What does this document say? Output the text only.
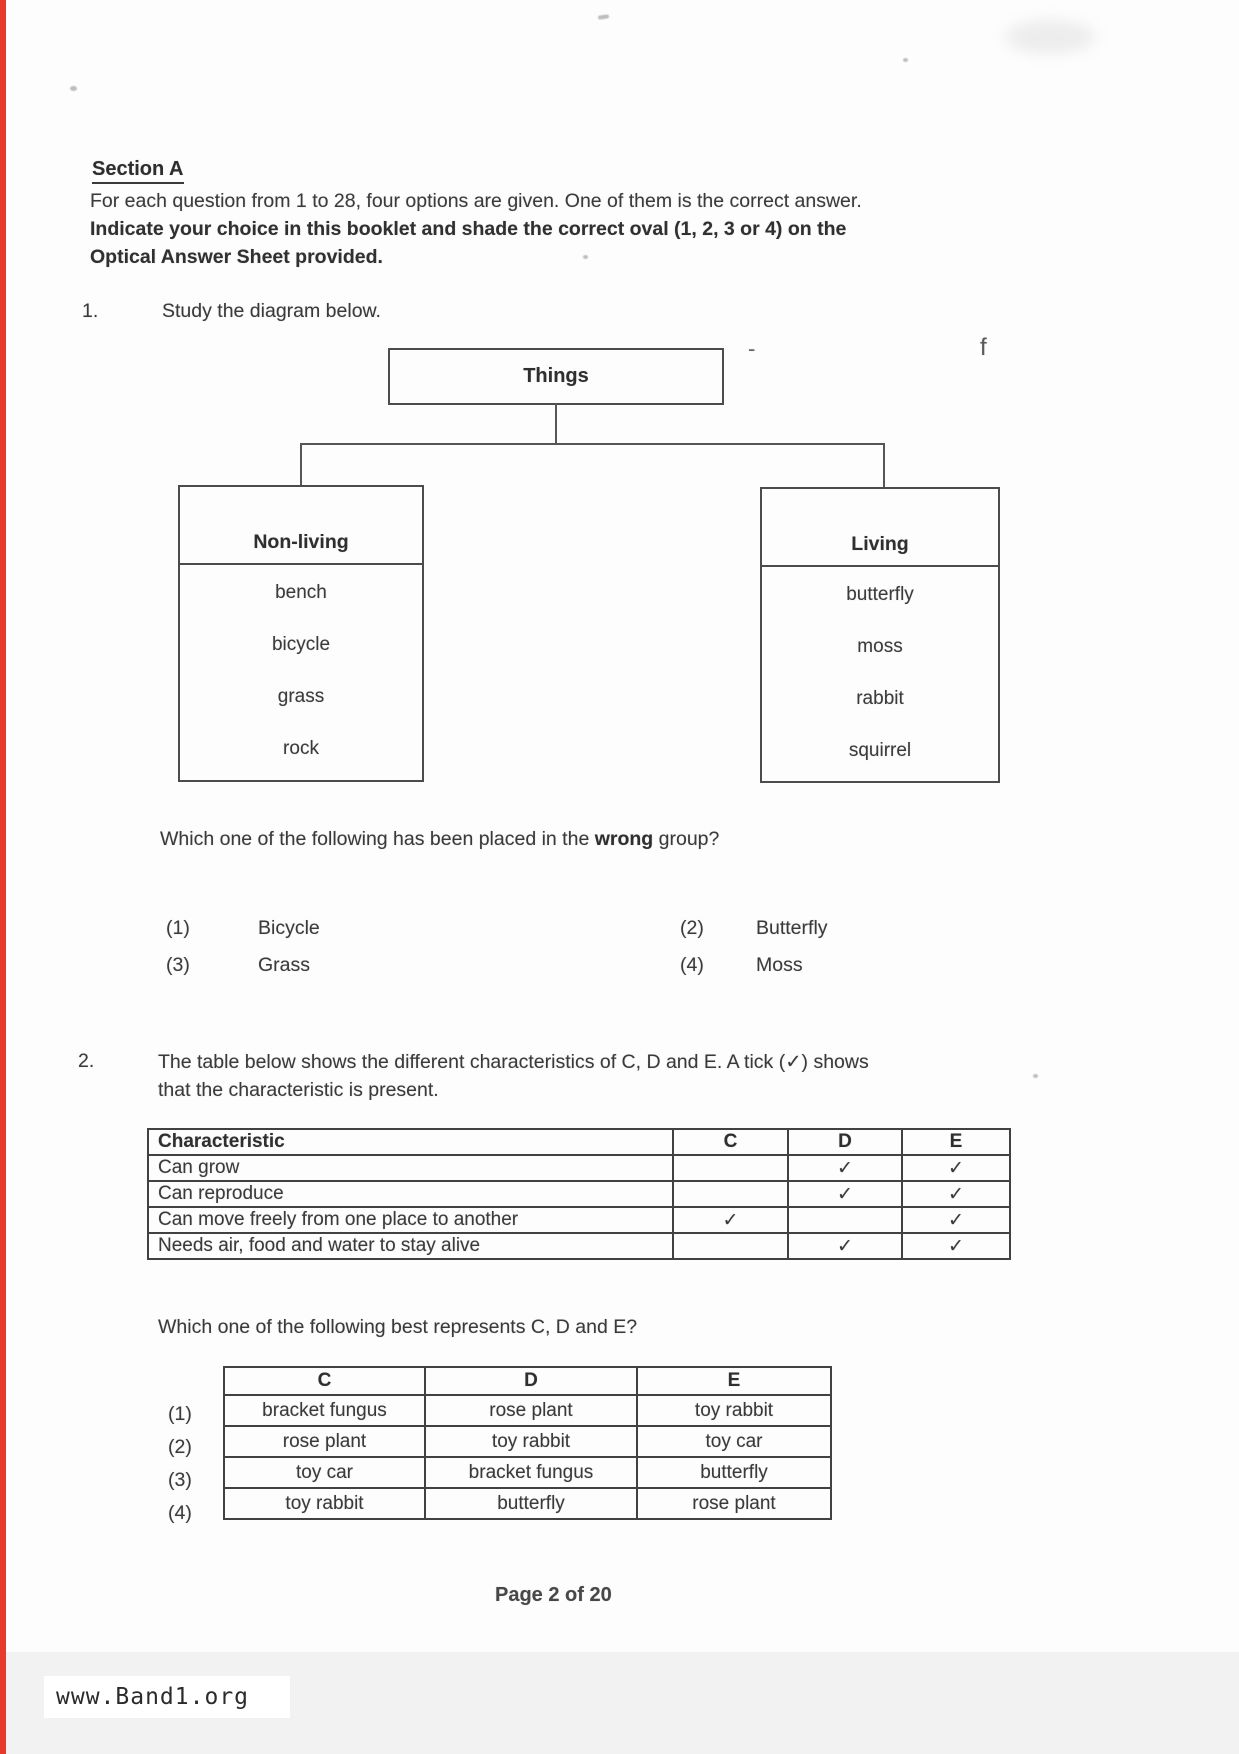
-	f
Section A
For each question from 1 to 28, four options are given. One of them is the correct answer.
Indicate your choice in this booklet and shade the correct oval (1, 2, 3 or 4) on the
Optical Answer Sheet provided.
1.	Study the diagram below.
Things
Non-living
bench
bicycle
grass
rock
Living
butterfly
moss
rabbit
squirrel
Which one of the following has been placed in the wrong group?
(1)	Bicycle	(2)	Butterfly
(3)	Grass	(4)	Moss
2.	The table below shows the different characteristics of C, D and E. A tick (✓) shows
that the characteristic is present.
Characteristic	C	D	E
Can grow		✓	✓
Can reproduce		✓	✓
Can move freely from one place to another	✓		✓
Needs air, food and water to stay alive		✓	✓
Which one of the following best represents C, D and E?
(1)
(2)
(3)
(4)
C	D	E
bracket fungus	rose plant	toy rabbit
rose plant	toy rabbit	toy car
toy car	bracket fungus	butterfly
toy rabbit	butterfly	rose plant
Page 2 of 20
www.Band1.org
